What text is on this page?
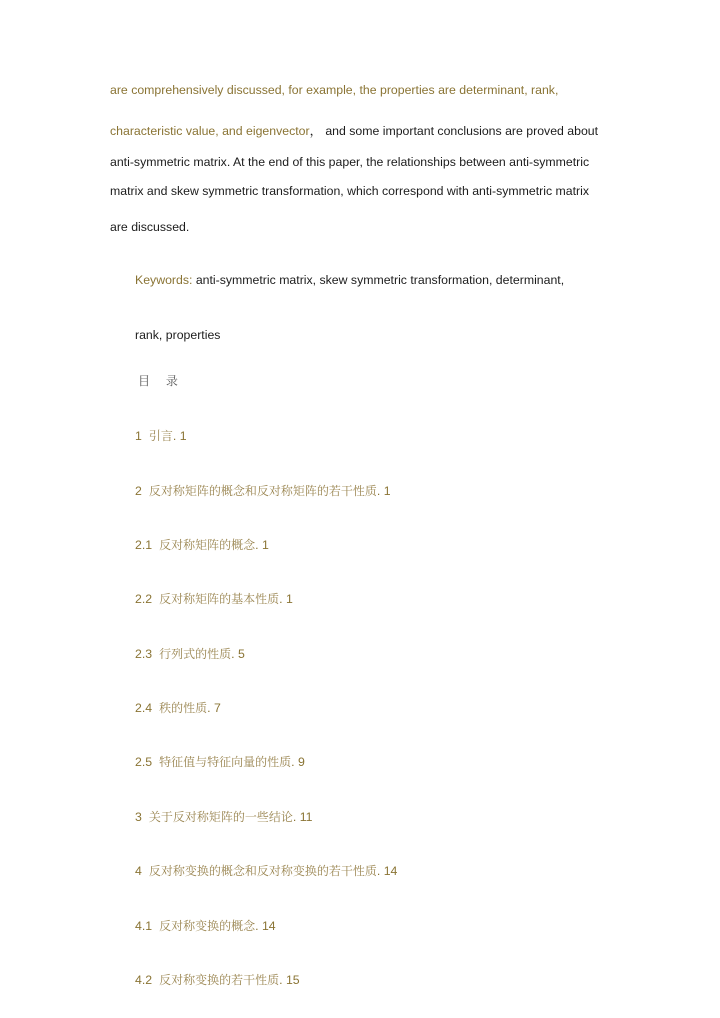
are comprehensively discussed, for example, the properties are determinant, rank,
characteristic value, and eigenvector， and some important conclusions are proved about
anti-symmetric matrix. At the end of this paper, the relationships between anti-symmetric
matrix and skew symmetric transformation, which correspond with anti-symmetric matrix
are discussed.
Keywords: anti-symmetric matrix, skew symmetric transformation, determinant,
rank, properties
目 录
1 引言. 1
2 反对称矩阵的概念和反对称矩阵的若干性质. 1
2.1 反对称矩阵的概念. 1
2.2 反对称矩阵的基本性质. 1
2.3 行列式的性质. 5
2.4 秩的性质. 7
2.5 特征值与特征向量的性质. 9
3 关于反对称矩阵的一些结论. 11
4 反对称变换的概念和反对称变换的若干性质. 14
4.1 反对称变换的概念. 14
4.2 反对称变换的若干性质. 15
